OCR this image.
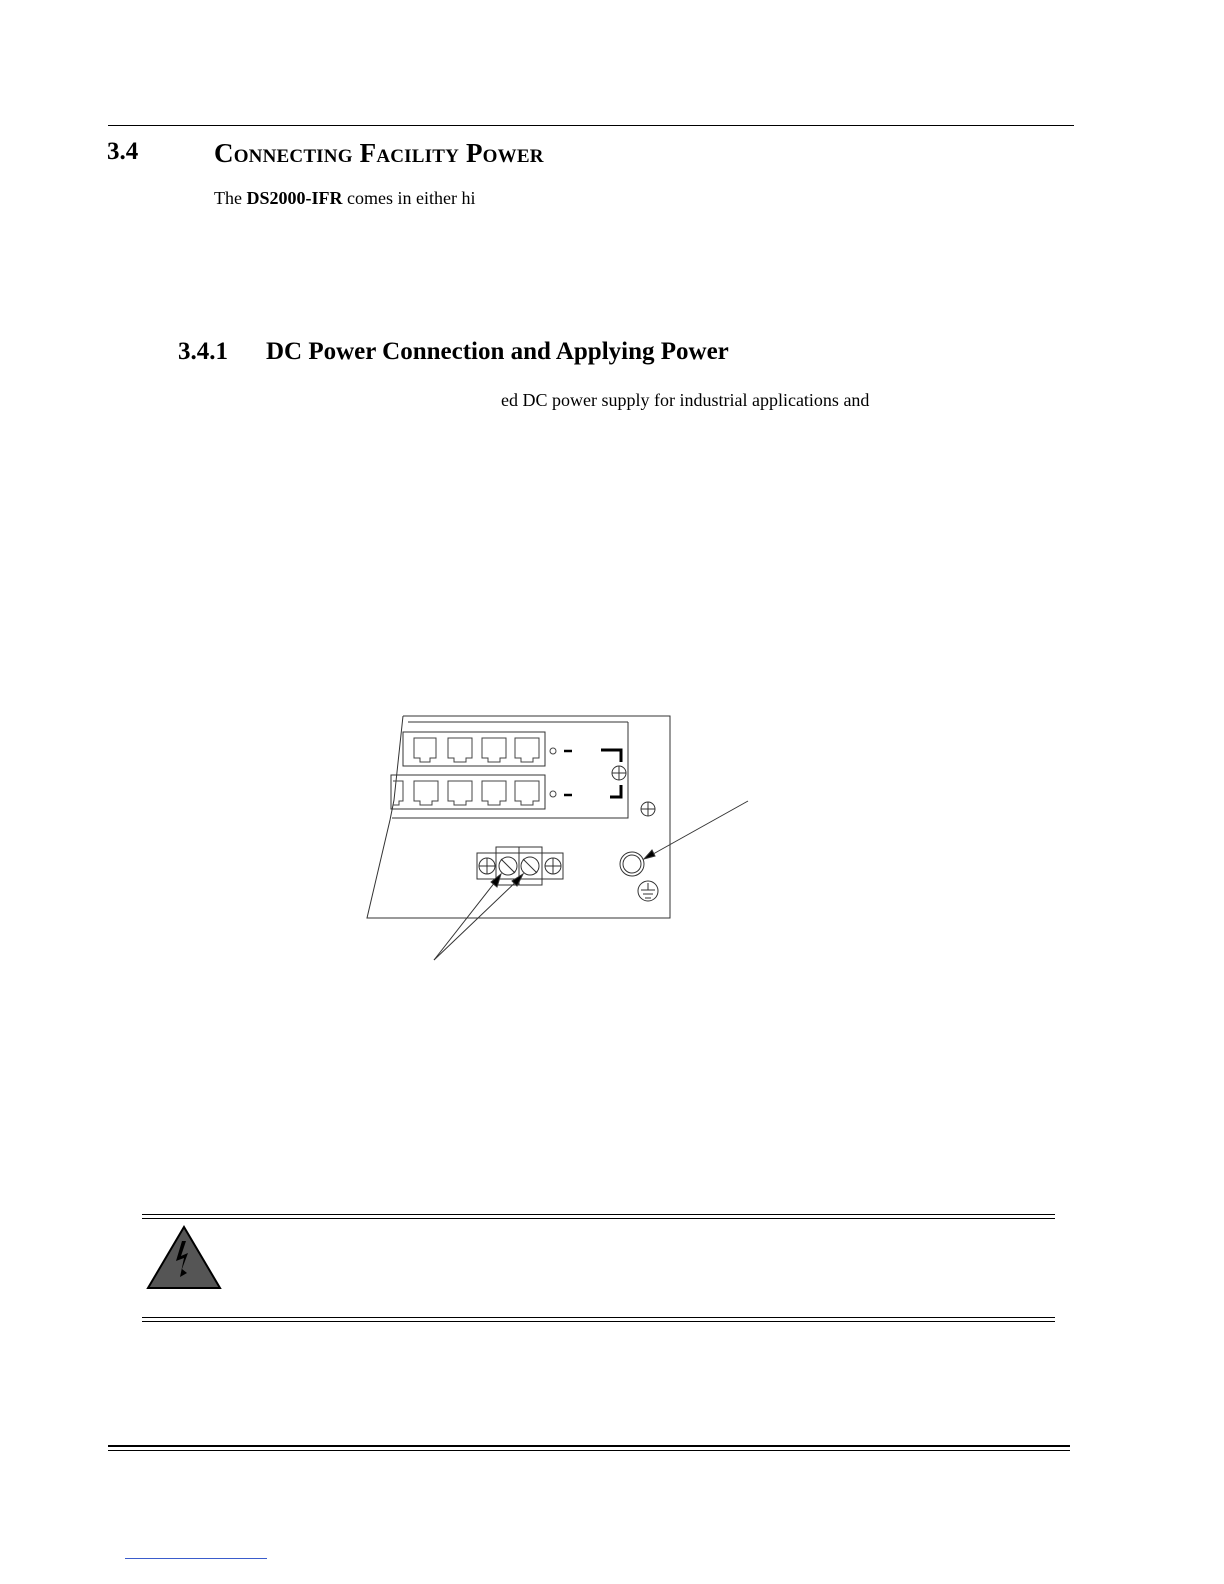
3.4	Connecting Facility Power
The DS2000-IFR comes in either hi
3.4.1 DC Power Connection and Applying Power
ed DC power supply for industrial applications and
